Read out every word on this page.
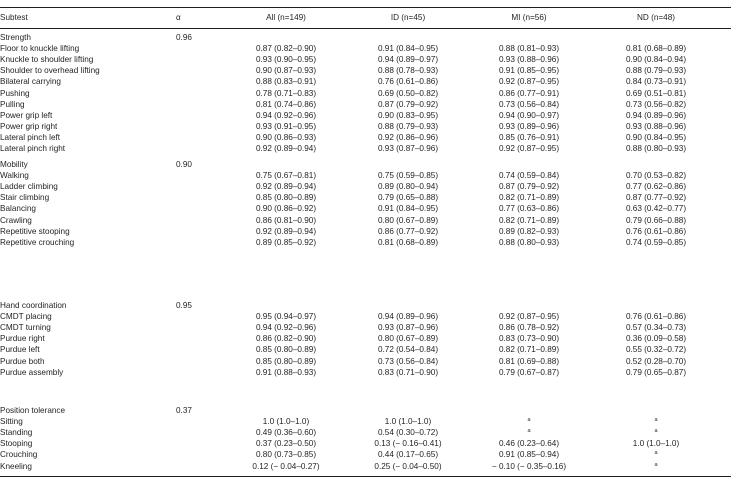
Subtest	α	All (n=149)	ID (n=45)	MI (n=56)	ND (n=48)
Strength	0.96
Floor to knuckle lifting	0.87 (0.82–0.90)	0.91 (0.84–0.95)	0.88 (0.81–0.93)	0.81 (0.68–0.89)
Knuckle to shoulder lifting	0.93 (0.90–0.95)	0.94 (0.89–0.97)	0.93 (0.88–0.96)	0.90 (0.84–0.94)
Shoulder to overhead lifting	0.90 (0.87–0.93)	0.88 (0.78–0.93)	0.91 (0.85–0.95)	0.88 (0.79–0.93)
Bilateral carrying	0.88 (0.83–0.91)	0.76 (0.61–0.86)	0.92 (0.87–0.95)	0.84 (0.73–0.91)
Pushing	0.78 (0.71–0.83)	0.69 (0.50–0.82)	0.86 (0.77–0.91)	0.69 (0.51–0.81)
Pulling	0.81 (0.74–0.86)	0.87 (0.79–0.92)	0.73 (0.56–0.84)	0.73 (0.56–0.82)
Power grip left	0.94 (0.92–0.96)	0.90 (0.83–0.95)	0.94 (0.90–0.97)	0.94 (0.89–0.96)
Power grip right	0.93 (0.91–0.95)	0.88 (0.79–0.93)	0.93 (0.89–0.96)	0.93 (0.88–0.96)
Lateral pinch left	0.90 (0.86–0.93)	0.92 (0.86–0.96)	0.85 (0.76–0.91)	0.90 (0.84–0.95)
Lateral pinch right	0.92 (0.89–0.94)	0.93 (0.87–0.96)	0.92 (0.87–0.95)	0.88 (0.80–0.93)
Mobility	0.90
Walking	0.75 (0.67–0.81)	0.75 (0.59–0.85)	0.74 (0.59–0.84)	0.70 (0.53–0.82)
Ladder climbing	0.92 (0.89–0.94)	0.89 (0.80–0.94)	0.87 (0.79–0.92)	0.77 (0.62–0.86)
Stair climbing	0.85 (0.80–0.89)	0.79 (0.65–0.88)	0.82 (0.71–0.89)	0.87 (0.77–0.92)
Balancing	0.90 (0.86–0.92)	0.91 (0.84–0.95)	0.77 (0.63–0.86)	0.63 (0.42–0.77)
Crawling	0.86 (0.81–0.90)	0.80 (0.67–0.89)	0.82 (0.71–0.89)	0.79 (0.66–0.88)
Repetitive stooping	0.92 (0.89–0.94)	0.86 (0.77–0.92)	0.89 (0.82–0.93)	0.76 (0.61–0.86)
Repetitive crouching	0.89 (0.85–0.92)	0.81 (0.68–0.89)	0.88 (0.80–0.93)	0.74 (0.59–0.85)
Hand coordination	0.95
CMDT placing	0.95 (0.94–0.97)	0.94 (0.89–0.96)	0.92 (0.87–0.95)	0.76 (0.61–0.86)
CMDT turning	0.94 (0.92–0.96)	0.93 (0.87–0.96)	0.86 (0.78–0.92)	0.57 (0.34–0.73)
Purdue right	0.86 (0.82–0.90)	0.80 (0.67–0.89)	0.83 (0.73–0.90)	0.36 (0.09–0.58)
Purdue left	0.85 (0.80–0.89)	0.72 (0.54–0.84)	0.82 (0.71–0.89)	0.55 (0.32–0.72)
Purdue both	0.85 (0.80–0.89)	0.73 (0.56–0.84)	0.81 (0.69–0.88)	0.52 (0.28–0.70)
Purdue assembly	0.91 (0.88–0.93)	0.83 (0.71–0.90)	0.79 (0.67–0.87)	0.79 (0.65–0.87)
Position tolerance	0.37
Sitting	1.0 (1.0–1.0)	1.0 (1.0–1.0)	a	a
Standing	0.49 (0.36–0.60)	0.54 (0.30–0.72)	a	a
Stooping	0.37 (0.23–0.50)	0.13 (− 0.16–0.41)	0.46 (0.23–0.64)	1.0 (1.0–1.0)
Crouching	0.80 (0.73–0.85)	0.44 (0.17–0.65)	0.91 (0.85–0.94)	a
Kneeling	0.12 (− 0.04–0.27)	0.25 (− 0.04–0.50)	− 0.10 (− 0.35–0.16)	a
